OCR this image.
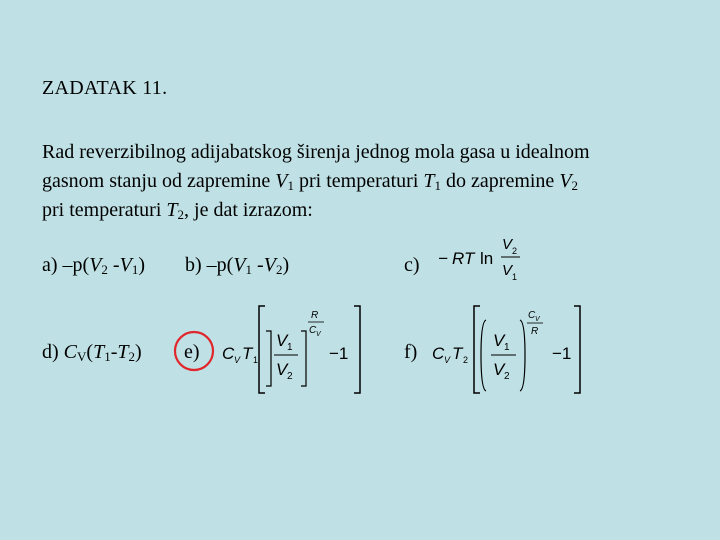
ZADATAK 11.
Rad reverzibilnog adijabatskog širenja jednog mola gasa u idealnom
gasnom stanju od zapremine $V_1$ pri temperaturi $T_1$ do zapremine $V_2$
pri temperaturi $T_2$, je dat izrazom:
a) $-p(V_2$ $-V_1$) b) $-p(V_1$ $-V_2$)	c) − RT ln
V 2
V 1
d) $C_V(T_1-T_2)$ e) C V T 1
V 1
V 2
R
C V
−1	f) C V T 2
V 1
V 2
C V
R
−1
